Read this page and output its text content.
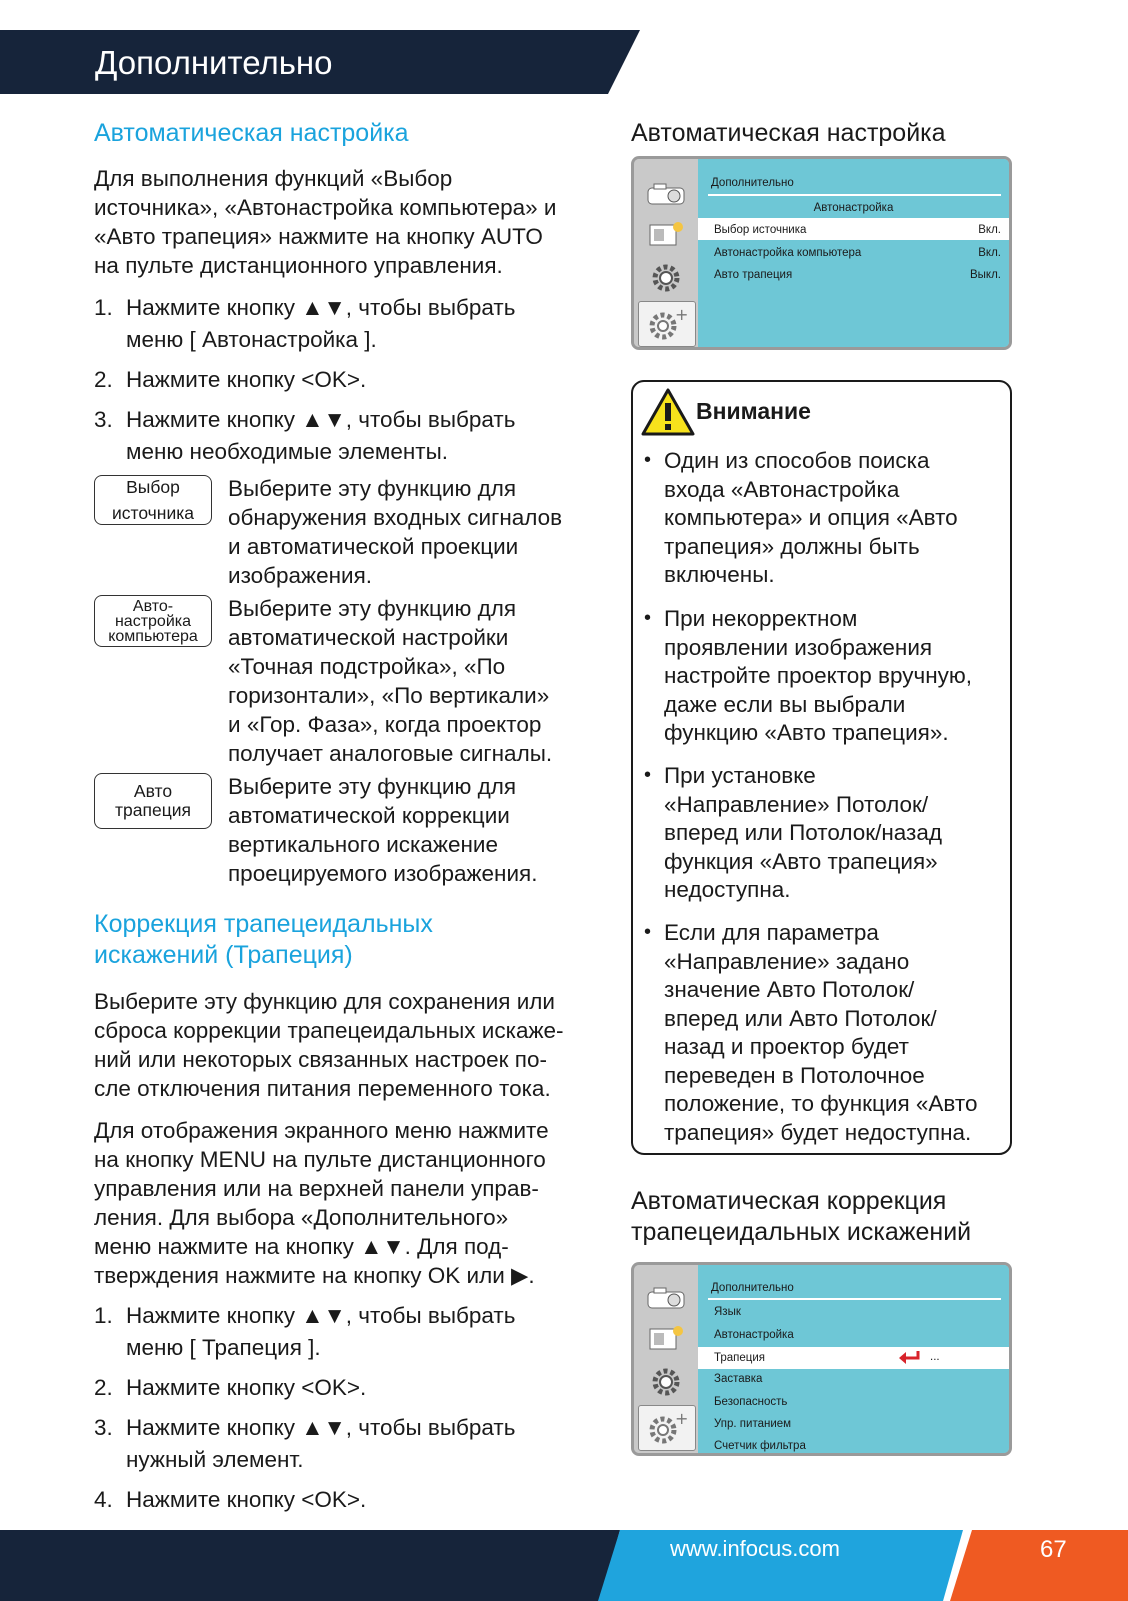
Дополнительно
Автоматическая настройка
Для выполнения функций «Выбор
источника», «Автонастройка компьютера» и
«Авто трапеция» нажмите на кнопку AUTO
на пульте дистанционного управления.
1. Нажмите кнопку ▲▼, чтобы выбрать
меню [ Автонастройка ].
2. Нажмите кнопку <OK>.
3. Нажмите кнопку ▲▼, чтобы выбрать
меню необходимые элементы.
Выбор
источника
Выберите эту функцию для
обнаружения входных сигналов
и автоматической проекции
изображения.
Авто-
настройка
компьютера
Выберите эту функцию для
автоматической настройки
«Точная подстройка», «По
горизонтали», «По вертикали»
и «Гор. Фаза», когда проектор
получает аналоговые сигналы.
Авто
трапеция
Выберите эту функцию для
автоматической коррекции
вертикального искажение
проецируемого изображения.
Коррекция трапецеидальных
искажений (Трапеция)
Выберите эту функцию для сохранения или
сброса коррекции трапецеидальных искаже-
ний или некоторых связанных настроек по-
сле отключения питания переменного тока.
Для отображения экранного меню нажмите
на кнопку MENU на пульте дистанционного
управления или на верхней панели управ-
ления. Для выбора «Дополнительного»
меню нажмите на кнопку ▲▼. Для под-
тверждения нажмите на кнопку OK или ▶.
1. Нажмите кнопку ▲▼, чтобы выбрать
меню [ Трапеция ].
2. Нажмите кнопку <OK>.
3. Нажмите кнопку ▲▼, чтобы выбрать
нужный элемент.
4. Нажмите кнопку <OK>.
Автоматическая настройка
+
Дополнительно
Автонастройка
Выбор источника	Вкл.
Автонастройка компьютера	Вкл.
Авто трапеция	Выкл.
Внимание
• Один из способов поиска
входа «Автонастройка
компьютера» и опция «Авто
трапеция» должны быть
включены.
• При некорректном
проявлении изображения
настройте проектор вручную,
даже если вы выбрали
функцию «Авто трапеция».
• При установке
«Направление» Потолок/
вперед или Потолок/назад
функция «Авто трапеция»
недоступна.
• Если для параметра
«Направление» задано
значение Авто Потолок/
вперед или Авто Потолок/
назад и проектор будет
переведен в Потолочное
положение, то функция «Авто
трапеция» будет недоступна.
Автоматическая коррекция
трапецеидальных искажений
+
Дополнительно
Язык
Автонастройка
Трапеция	...
Заставка
Безопасность
Упр. питанием
Счетчик фильтра
www.infocus.com	67
